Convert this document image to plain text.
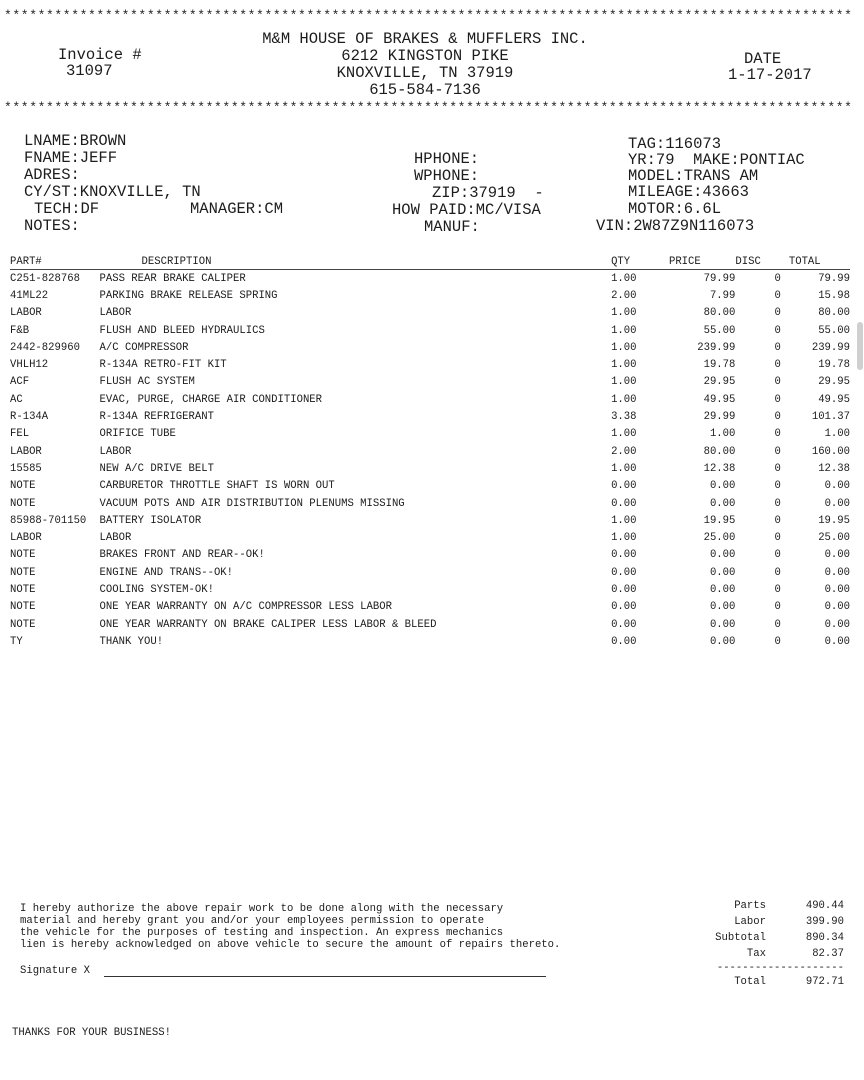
*****************************************************************************************************
Invoice #
31097
M&M HOUSE OF BRAKES & MUFFLERS INC.
6212 KINGSTON PIKE
KNOXVILLE, TN 37919
615-584-7136
DATE
1-17-2017
*****************************************************************************************************
LNAME:BROWN
FNAME:JEFF
ADRES:
CY/ST:KNOXVILLE, TN
TECH:DF	MANAGER:CM
NOTES:
HPHONE:
WPHONE:
ZIP:37919  -
HOW PAID:MC/VISA
MANUF:
TAG:116073
YR:79  MAKE:PONTIAC
MODEL:TRANS AM
MILEAGE:43663
MOTOR:6.6L
VIN:2W87Z9N116073
PART#	DESCRIPTION	QTY	PRICE	DISC	TOTAL
C251-828768	PASS REAR BRAKE CALIPER	1.00	79.99	0	79.99
41ML22	PARKING BRAKE RELEASE SPRING	2.00	7.99	0	15.98
LABOR	LABOR	1.00	80.00	0	80.00
F&B	FLUSH AND BLEED HYDRAULICS	1.00	55.00	0	55.00
2442-829960	A/C COMPRESSOR	1.00	239.99	0	239.99
VHLH12	R-134A RETRO-FIT KIT	1.00	19.78	0	19.78
ACF	FLUSH AC SYSTEM	1.00	29.95	0	29.95
AC	EVAC, PURGE, CHARGE AIR CONDITIONER	1.00	49.95	0	49.95
R-134A	R-134A REFRIGERANT	3.38	29.99	0	101.37
FEL	ORIFICE TUBE	1.00	1.00	0	1.00
LABOR	LABOR	2.00	80.00	0	160.00
15585	NEW A/C DRIVE BELT	1.00	12.38	0	12.38
NOTE	CARBURETOR THROTTLE SHAFT IS WORN OUT	0.00	0.00	0	0.00
NOTE	VACUUM POTS AND AIR DISTRIBUTION PLENUMS MISSING	0.00	0.00	0	0.00
85988-701150	BATTERY ISOLATOR	1.00	19.95	0	19.95
LABOR	LABOR	1.00	25.00	0	25.00
NOTE	BRAKES FRONT AND REAR--OK!	0.00	0.00	0	0.00
NOTE	ENGINE AND TRANS--OK!	0.00	0.00	0	0.00
NOTE	COOLING SYSTEM-OK!	0.00	0.00	0	0.00
NOTE	ONE YEAR WARRANTY ON A/C COMPRESSOR LESS LABOR	0.00	0.00	0	0.00
NOTE	ONE YEAR WARRANTY ON BRAKE CALIPER LESS LABOR & BLEED	0.00	0.00	0	0.00
TY	THANK YOU!	0.00	0.00	0	0.00
I hereby authorize the above repair work to be done along with the necessary
material and hereby grant you and/or your employees permission to operate
the vehicle for the purposes of testing and inspection. An express mechanics
lien is hereby acknowledged on above vehicle to secure the amount of repairs thereto.
Signature X
Parts	490.44
Labor	399.90
Subtotal	890.34
Tax	82.37
--------------------
Total	972.71
THANKS FOR YOUR BUSINESS!
